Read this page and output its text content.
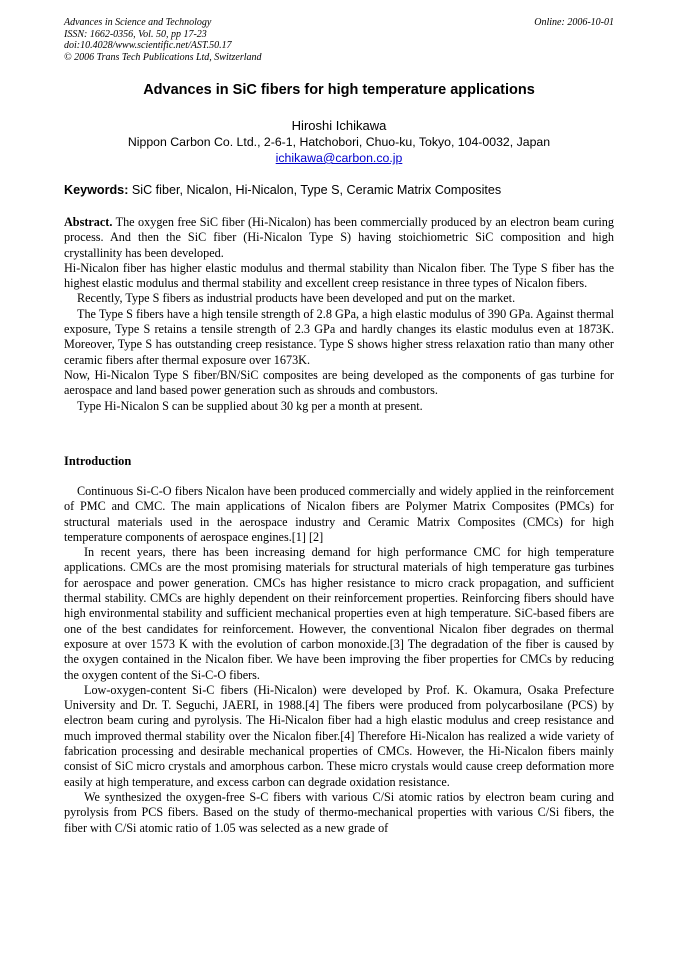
Advances in Science and Technology
ISSN: 1662-0356, Vol. 50, pp 17-23
doi:10.4028/www.scientific.net/AST.50.17
© 2006 Trans Tech Publications Ltd, Switzerland
Online: 2006-10-01
Advances in SiC fibers for high temperature applications
Hiroshi Ichikawa
Nippon Carbon Co. Ltd., 2-6-1, Hatchobori, Chuo-ku, Tokyo, 104-0032, Japan
ichikawa@carbon.co.jp
Keywords: SiC fiber, Nicalon, Hi-Nicalon, Type S, Ceramic Matrix Composites

Abstract. The oxygen free SiC fiber (Hi-Nicalon) has been commercially produced by an electron beam curing process. And then the SiC fiber (Hi-Nicalon Type S) having stoichiometric SiC composition and high crystallinity has been developed.

Hi-Nicalon fiber has higher elastic modulus and thermal stability than Nicalon fiber. The Type S fiber has the highest elastic modulus and thermal stability and excellent creep resistance in three types of Nicalon fibers.

Recently, Type S fibers as industrial products have been developed and put on the market.

The Type S fibers have a high tensile strength of 2.8 GPa, a high elastic modulus of 390 GPa. Against thermal exposure, Type S retains a tensile strength of 2.3 GPa and hardly changes its elastic modulus even at 1873K. Moreover, Type S has outstanding creep resistance. Type S shows higher stress relaxation ratio than many other ceramic fibers after thermal exposure over 1673K.

Now, Hi-Nicalon Type S fiber/BN/SiC composites are being developed as the components of gas turbine for aerospace and land based power generation such as shrouds and combustors.

Type Hi-Nicalon S can be supplied about 30 kg per a month at present.

Introduction

Continuous Si-C-O fibers Nicalon have been produced commercially and widely applied in the reinforcement of PMC and CMC. The main applications of Nicalon fibers are Polymer Matrix Composites (PMCs) for structural materials used in the aerospace industry and Ceramic Matrix Composites (CMCs) for high temperature components of aerospace engines.[1] [2]

In recent years, there has been increasing demand for high performance CMC for high temperature applications. CMCs are the most promising materials for structural materials of high temperature gas turbines for aerospace and power generation. CMCs has higher resistance to micro crack propagation, and sufficient thermal stability. CMCs are highly dependent on their reinforcement properties. Reinforcing fibers should have high environmental stability and sufficient mechanical properties even at high temperature. SiC-based fibers are one of the best candidates for reinforcement. However, the conventional Nicalon fiber degrades on thermal exposure at over 1573 K with the evolution of carbon monoxide.[3] The degradation of the fiber is caused by the oxygen contained in the Nicalon fiber. We have been improving the fiber properties for CMCs by reducing the oxygen content of the Si-C-O fibers.

Low-oxygen-content Si-C fibers (Hi-Nicalon) were developed by Prof. K. Okamura, Osaka Prefecture University and Dr. T. Seguchi, JAERI, in 1988.[4] The fibers were produced from polycarbosilane (PCS) by electron beam curing and pyrolysis. The Hi-Nicalon fiber had a high elastic modulus and creep resistance and much improved thermal stability over the Nicalon fiber.[4] Therefore Hi-Nicalon has realized a wide variety of fabrication processing and desirable mechanical properties of CMCs. However, the Hi-Nicalon fibers mainly consist of SiC micro crystals and amorphous carbon. These micro crystals would cause creep deformation more easily at high temperature, and excess carbon can degrade oxidation resistance.

We synthesized the oxygen-free S-C fibers with various C/Si atomic ratios by electron beam curing and pyrolysis from PCS fibers. Based on the study of thermo-mechanical properties with various C/Si fibers, the fiber with C/Si atomic ratio of 1.05 was selected as a new grade of
